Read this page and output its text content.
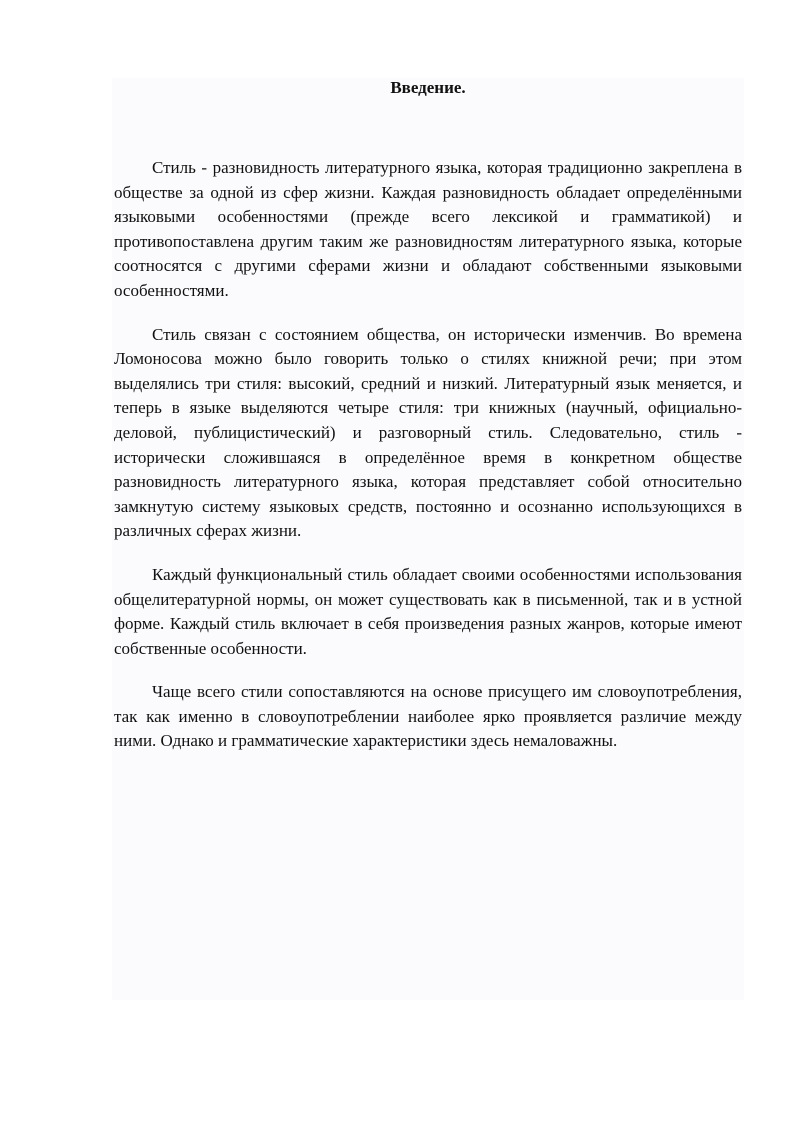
Введение.

Стиль - разновидность литературного языка, которая традиционно закреплена в обществе за одной из сфер жизни. Каждая разновидность обладает определёнными языковыми особенностями (прежде всего лексикой и грамматикой) и противопоставлена другим таким же разновидностям литературного языка, которые соотносятся с другими сферами жизни и обладают собственными языковыми особенностями.

Стиль связан с состоянием общества, он исторически изменчив. Во времена Ломоносова можно было говорить только о стилях книжной речи; при этом выделялись три стиля: высокий, средний и низкий. Литературный язык меняется, и теперь в языке выделяются четыре стиля: три книжных (научный, официально-деловой, публицистический) и разговорный стиль. Следовательно, стиль - исторически сложившаяся в определённое время в конкретном обществе разновидность литературного языка, которая представляет собой относительно замкнутую систему языковых средств, постоянно и осознанно использующихся в различных сферах жизни.

Каждый функциональный стиль обладает своими особенностями использования общелитературной нормы, он может существовать как в письменной, так и в устной форме. Каждый стиль включает в себя произведения разных жанров, которые имеют собственные особенности.

Чаще всего стили сопоставляются на основе присущего им словоупотребления, так как именно в словоупотреблении наиболее ярко проявляется различие между ними. Однако и грамматические характеристики здесь немаловажны.
